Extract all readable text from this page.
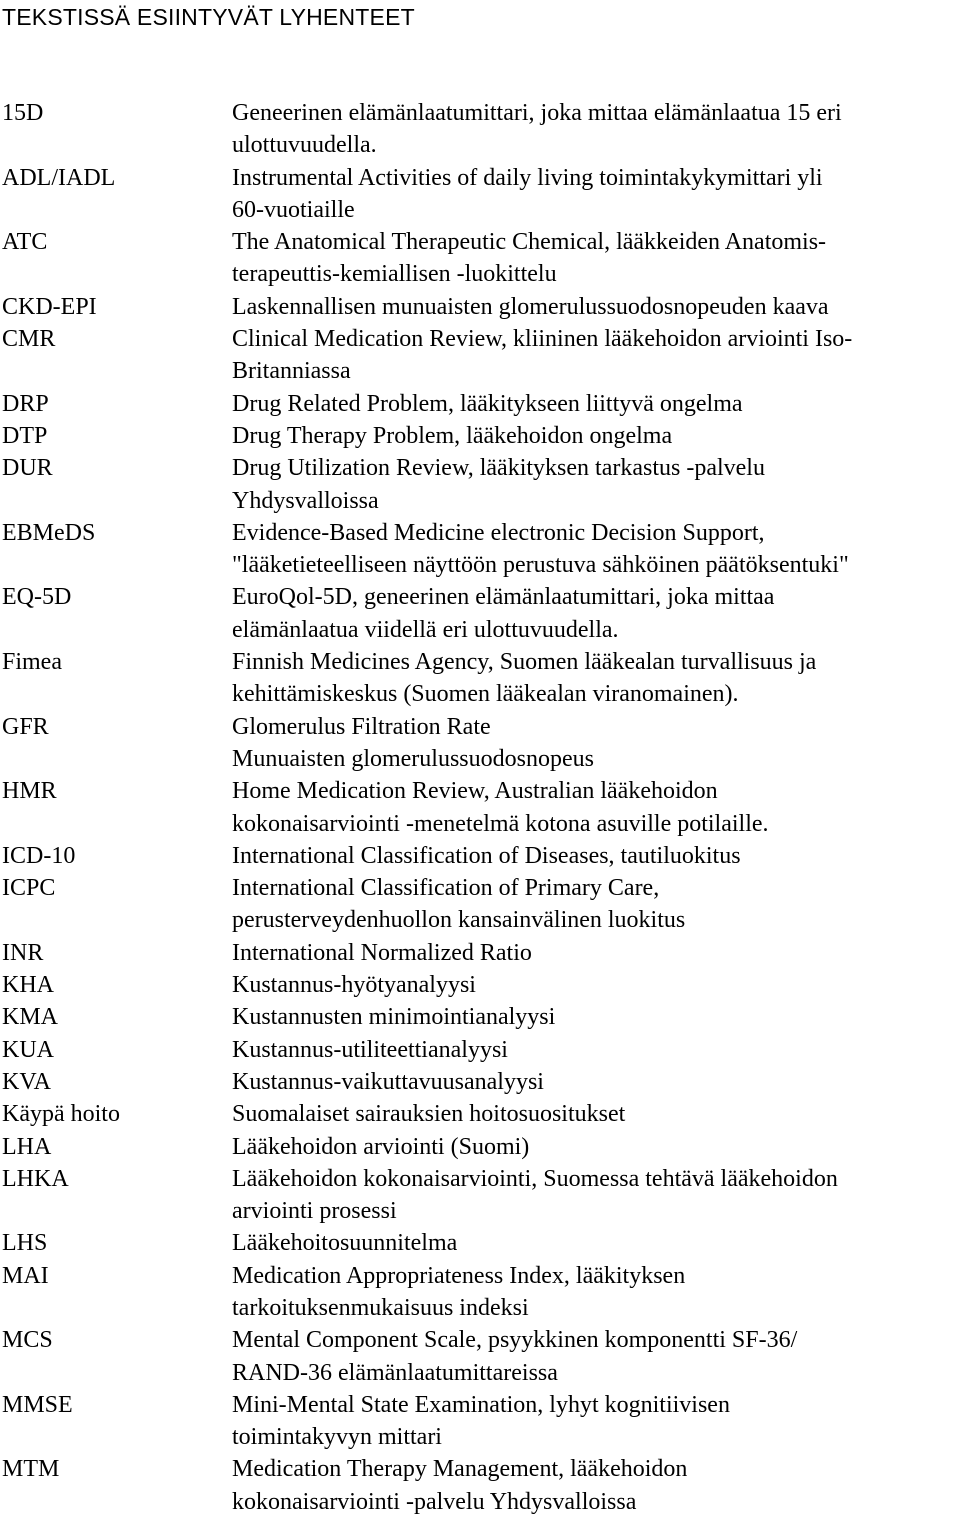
TEKSTISSÄ ESIINTYVÄT LYHENTEET
15D	Geneerinen elämänlaatumittari, joka mittaa elämänlaatua 15 eri
ulottuvuudella.
ADL/IADL	Instrumental Activities of daily living toimintakykymittari yli
60-vuotiaille
ATC	The Anatomical Therapeutic Chemical, lääkkeiden Anatomis-
terapeuttis-kemiallisen -luokittelu
CKD-EPI	Laskennallisen munuaisten glomerulussuodosnopeuden kaava
CMR	Clinical Medication Review, kliininen lääkehoidon arviointi Iso-
Britanniassa
DRP	Drug Related Problem, lääkitykseen liittyvä ongelma
DTP	Drug Therapy Problem, lääkehoidon ongelma
DUR	Drug Utilization Review, lääkityksen tarkastus -palvelu
Yhdysvalloissa
EBMeDS	Evidence-Based Medicine electronic Decision Support,
"lääketieteelliseen näyttöön perustuva sähköinen päätöksentuki"
EQ-5D	EuroQol-5D, geneerinen elämänlaatumittari, joka mittaa
elämänlaatua viidellä eri ulottuvuudella.
Fimea	Finnish Medicines Agency, Suomen lääkealan turvallisuus ja
kehittämiskeskus (Suomen lääkealan viranomainen).
GFR	Glomerulus Filtration Rate
Munuaisten glomerulussuodosnopeus
HMR	Home Medication Review, Australian lääkehoidon
kokonaisarviointi -menetelmä kotona asuville potilaille.
ICD-10	International Classification of Diseases, tautiluokitus
ICPC	International Classification of Primary Care,
perusterveydenhuollon kansainvälinen luokitus
INR	International Normalized Ratio
KHA	Kustannus-hyötyanalyysi
KMA	Kustannusten minimointianalyysi
KUA	Kustannus-utiliteettianalyysi
KVA	Kustannus-vaikuttavuusanalyysi
Käypä hoito	Suomalaiset sairauksien hoitosuositukset
LHA	Lääkehoidon arviointi (Suomi)
LHKA	Lääkehoidon kokonaisarviointi, Suomessa tehtävä lääkehoidon
arviointi prosessi
LHS	Lääkehoitosuunnitelma
MAI	Medication Appropriateness Index, lääkityksen
tarkoituksenmukaisuus indeksi
MCS	Mental Component Scale, psyykkinen komponentti SF-36/
RAND-36 elämänlaatumittareissa
MMSE	Mini-Mental State Examination, lyhyt kognitiivisen
toimintakyvyn mittari
MTM	Medication Therapy Management, lääkehoidon
kokonaisarviointi -palvelu Yhdysvalloissa
